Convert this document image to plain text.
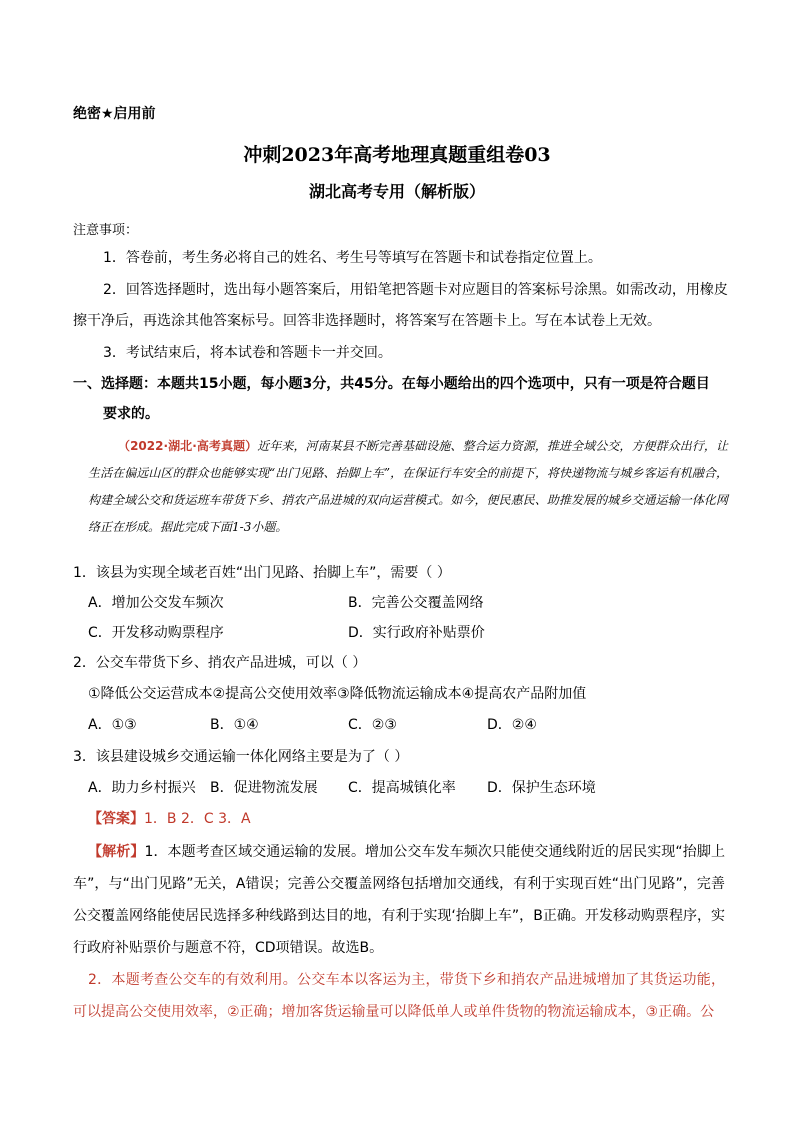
绝密★启用前
冲刺2023年高考地理真题重组卷03
湖北高考专用（解析版）
注意事项：
1．答卷前，考生务必将自己的姓名、考生号等填写在答题卡和试卷指定位置上。
2．回答选择题时，选出每小题答案后，用铅笔把答题卡对应题目的答案标号涂黑。如需改动，用橡皮
擦干净后，再选涂其他答案标号。回答非选择题时，将答案写在答题卡上。写在本试卷上无效。
3．考试结束后，将本试卷和答题卡一并交回。
一、选择题：本题共15小题，每小题3分，共45分。在每小题给出的四个选项中，只有一项是符合题目
要求的。
（2022·湖北·高考真题）近年来，河南某县不断完善基础设施、整合运力资源，推进全域公交，方便群众出行，让生活在偏远山区的群众也能够实现“出门见路、抬脚上车”，在保证行车安全的前提下，将快递物流与城乡客运有机融合，构建全域公交和货运班车带货下乡、捎农产品进城的双向运营模式。如今，便民惠民、助推发展的城乡交通运输一体化网络正在形成。据此完成下面1-3小题。
1．该县为实现全域老百姓“出门见路、抬脚上车”，需要（ ）
A．增加公交发车频次	B．完善公交覆盖网络
C．开发移动购票程序	D．实行政府补贴票价
2．公交车带货下乡、捎农产品进城，可以（ ）
①降低公交运营成本②提高公交使用效率③降低物流运输成本④提高农产品附加值
A．①③	B．①④	C．②③	D．②④
3．该县建设城乡交通运输一体化网络主要是为了（ ）
A．助力乡村振兴 B．促进物流发展 C．提高城镇化率 D．保护生态环境
【答案】1．B 2．C 3．A
【解析】1．本题考查区域交通运输的发展。增加公交车发车频次只能使交通线附近的居民实现“抬脚上车”，与“出门见路”无关，A错误；完善公交覆盖网络包括增加交通线，有利于实现百姓“出门见路”，完善公交覆盖网络能使居民选择多种线路到达目的地，有利于实现‘抬脚上车”，B正确。开发移动购票程序，实行政府补贴票价与题意不符，CD项错误。故选B。
2．本题考查公交车的有效利用。公交车本以客运为主，带货下乡和捎农产品进城增加了其货运功能，可以提高公交使用效率，②正确；增加客货运输量可以降低单人或单件货物的物流运输成本，③正确。公
